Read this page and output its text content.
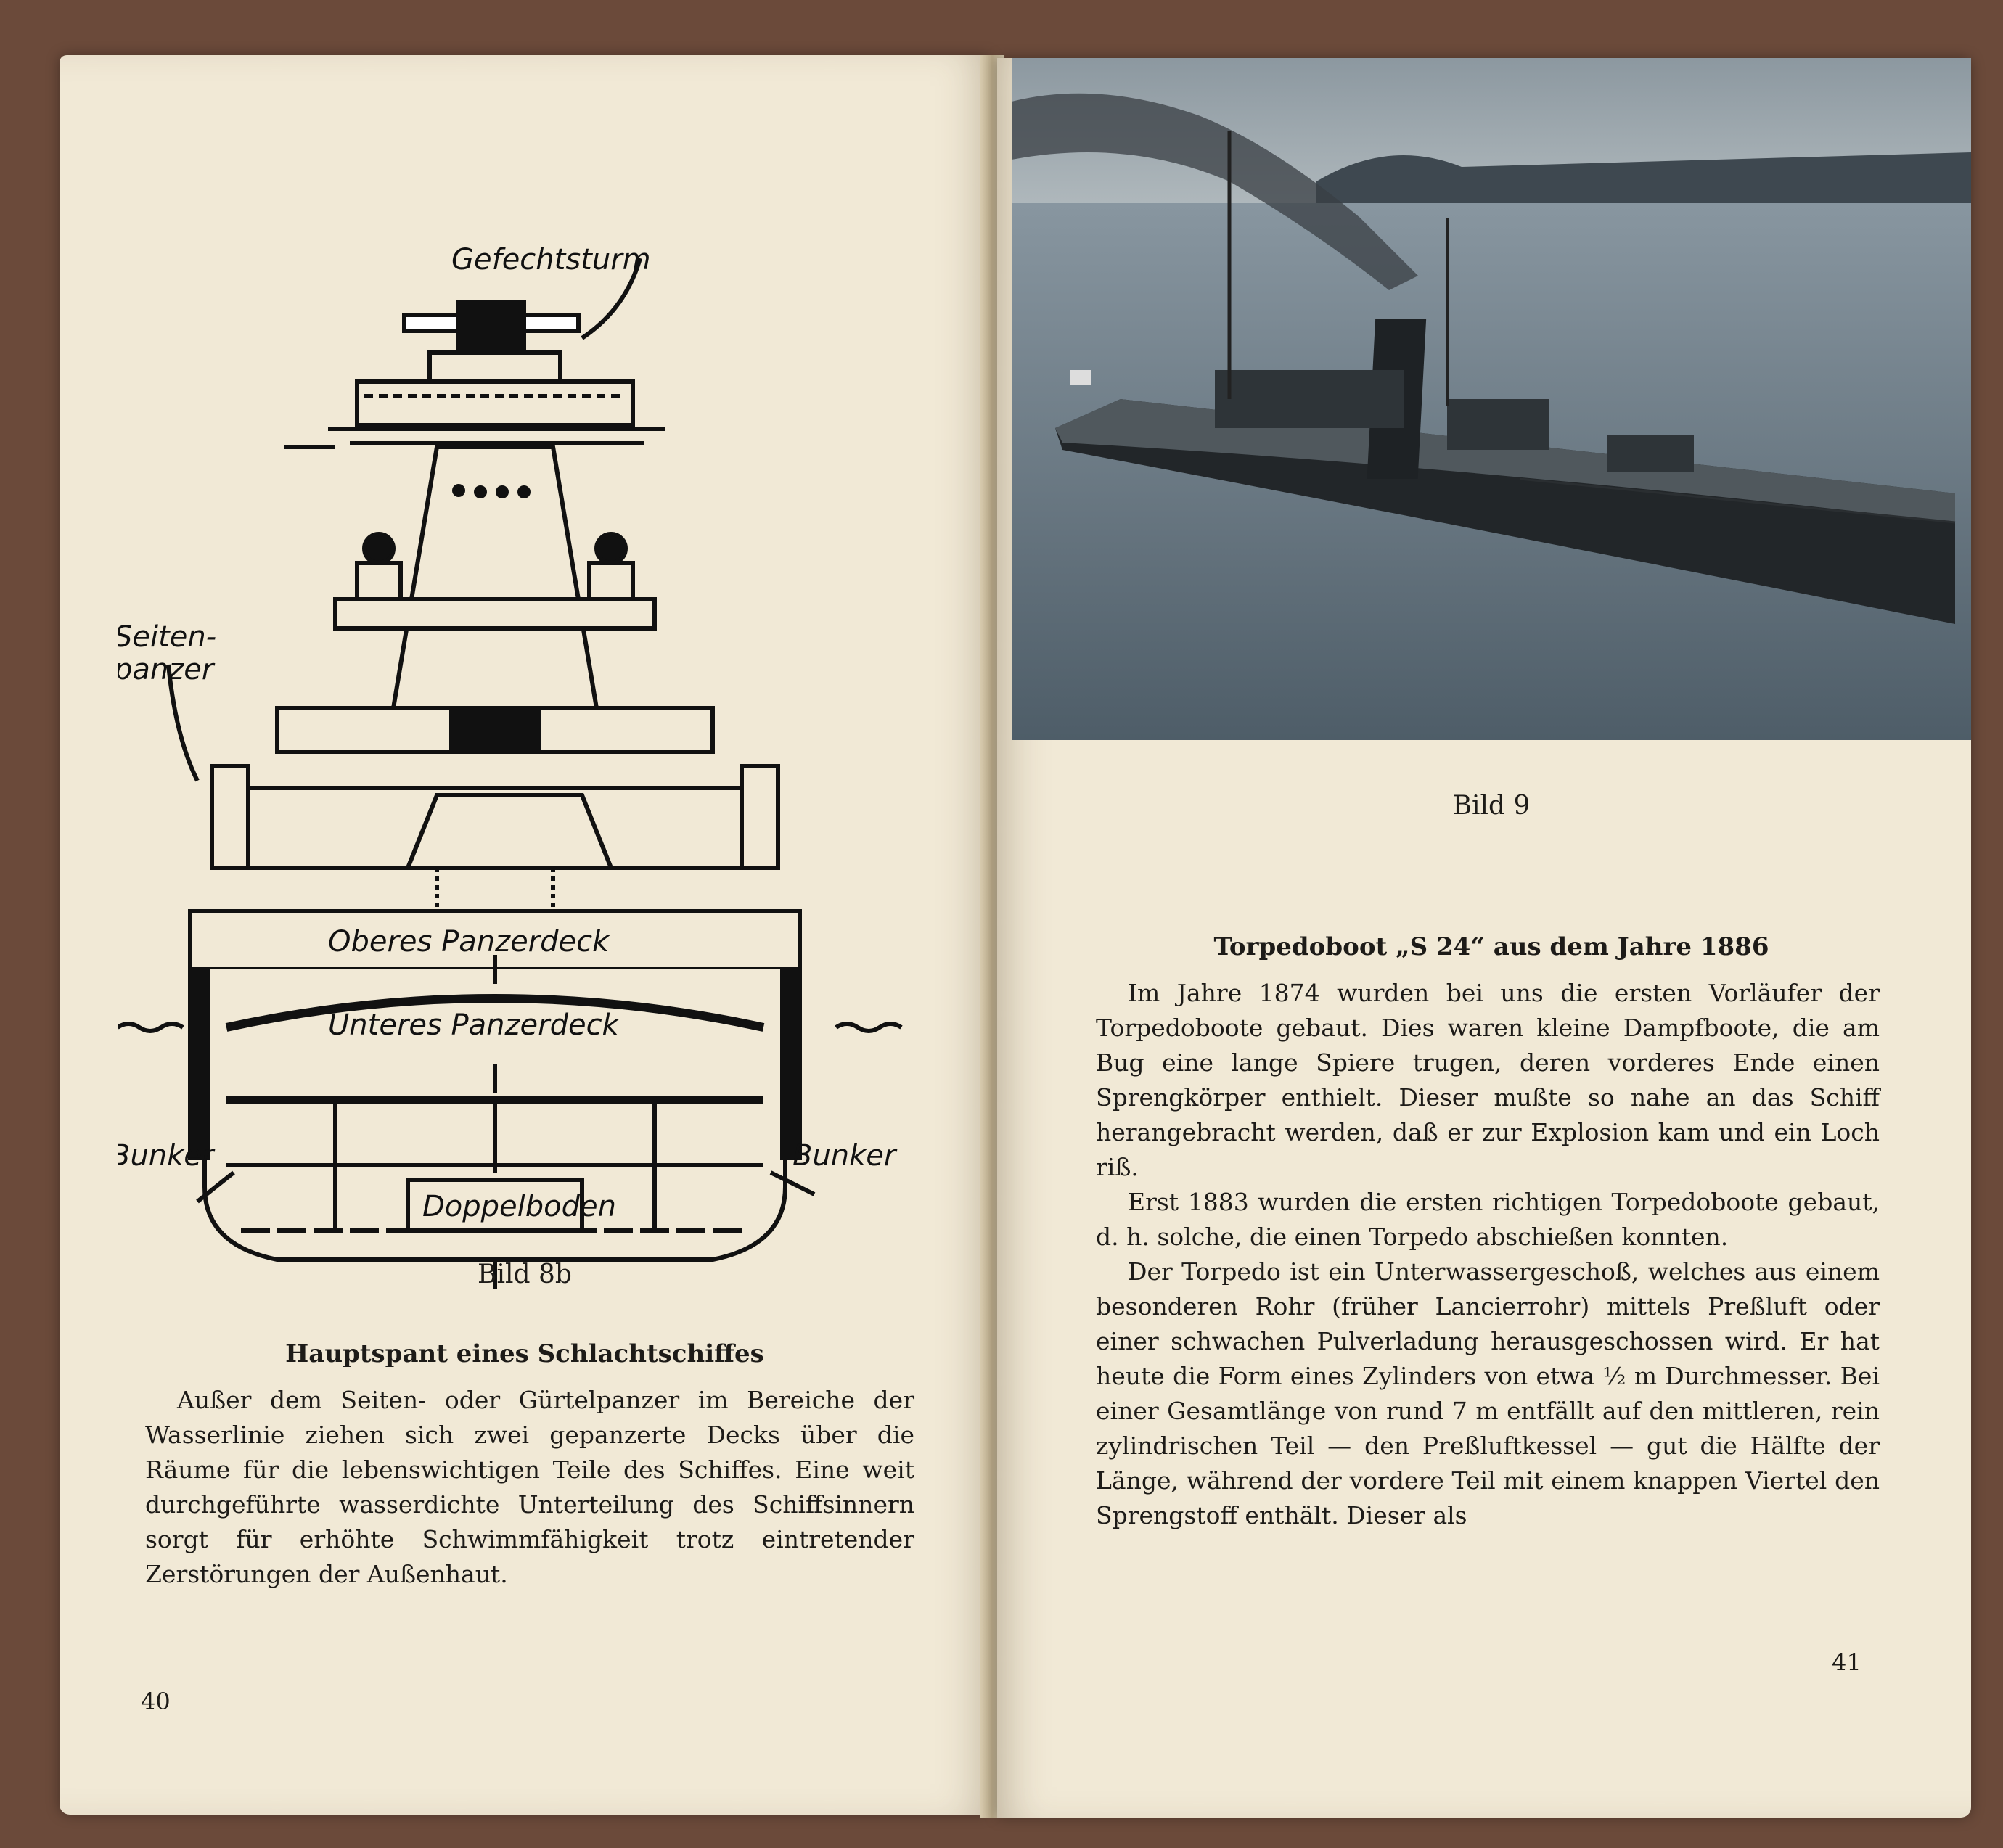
Gefechtsturm
Seiten-
panzer
Oberes Panzerdeck
Unteres Panzerdeck
Bunker	Bunker
Doppelboden
Bild 8b
Hauptspant eines Schlachtschiffes

Außer dem Seiten- oder Gürtelpanzer im Bereiche der Wasserlinie ziehen sich zwei gepanzerte Decks über die Räume für die lebenswichtigen Teile des Schiffes. Eine weit durchgeführte wasserdichte Unterteilung des Schiffsinnern sorgt für erhöhte Schwimmfähigkeit trotz eintretender Zerstörungen der Außenhaut.

40
Bild 9
Torpedoboot „S 24“ aus dem Jahre 1886

Im Jahre 1874 wurden bei uns die ersten Vorläufer der Torpedoboote gebaut. Dies waren kleine Dampfboote, die am Bug eine lange Spiere trugen, deren vorderes Ende einen Sprengkörper enthielt. Dieser mußte so nahe an das Schiff herangebracht werden, daß er zur Explosion kam und ein Loch riß.

Erst 1883 wurden die ersten richtigen Torpedoboote gebaut, d. h. solche, die einen Torpedo abschießen konnten.

Der Torpedo ist ein Unterwassergeschoß, welches aus einem besonderen Rohr (früher Lancierrohr) mittels Preßluft oder einer schwachen Pulverladung herausgeschossen wird. Er hat heute die Form eines Zylinders von etwa ½ m Durchmesser. Bei einer Gesamtlänge von rund 7 m entfällt auf den mittleren, rein zylindrischen Teil — den Preßluftkessel — gut die Hälfte der Länge, während der vordere Teil mit einem knappen Viertel den Sprengstoff enthält. Dieser als

41
